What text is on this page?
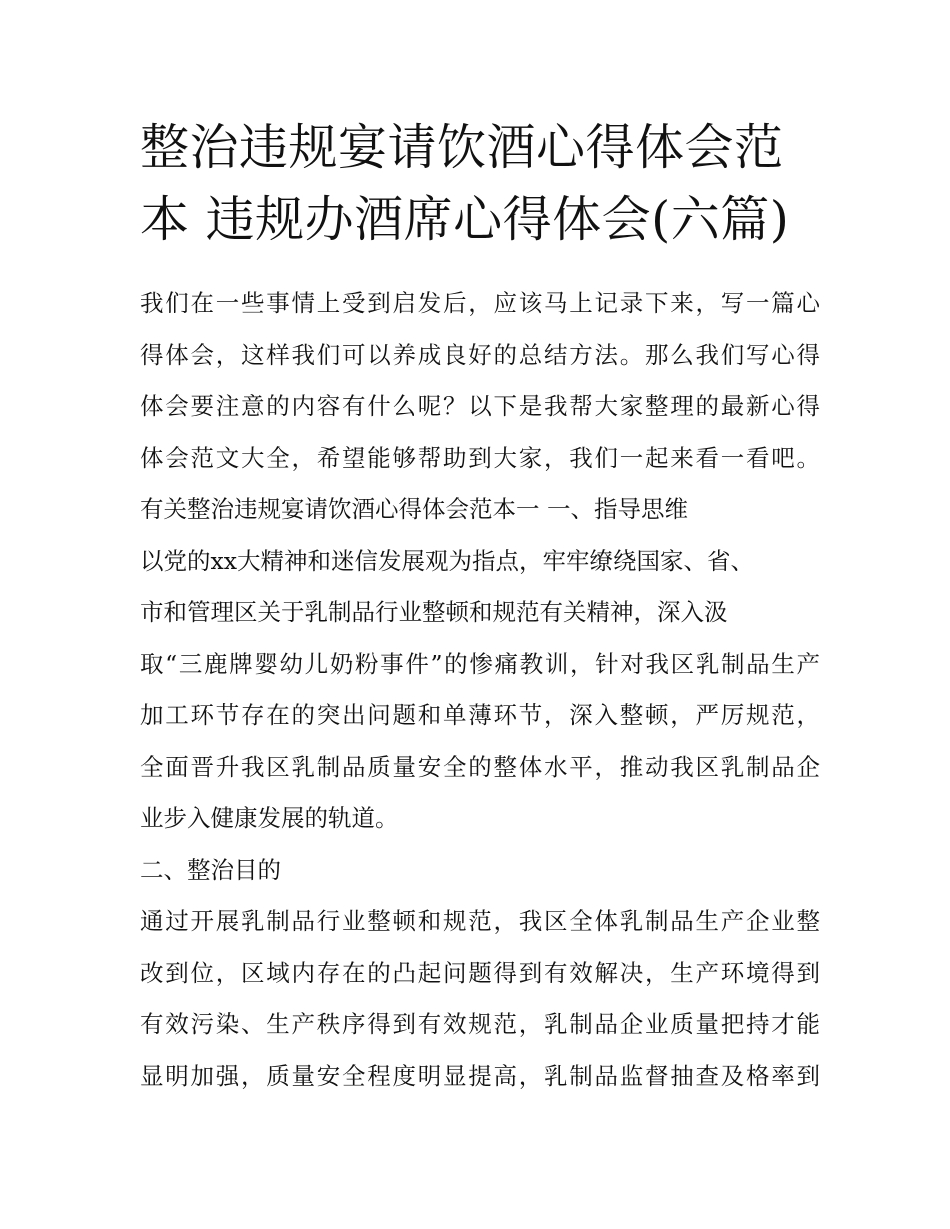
整治违规宴请饮酒心得体会范
本 违规办酒席心得体会(六篇)
我们在一些事情上受到启发后，应该马上记录下来，写一篇心
得体会，这样我们可以养成良好的总结方法。那么我们写心得
体会要注意的内容有什么呢？以下是我帮大家整理的最新心得
体会范文大全，希望能够帮助到大家，我们一起来看一看吧。
有关整治违规宴请饮酒心得体会范本一 一、指导思维
以党的xx大精神和迷信发展观为指点，牢牢缭绕国家、省、
市和管理区关于乳制品行业整顿和规范有关精神，深入汲
取“三鹿牌婴幼儿奶粉事件”的惨痛教训，针对我区乳制品生产
加工环节存在的突出问题和单薄环节，深入整顿，严厉规范，
全面晋升我区乳制品质量安全的整体水平，推动我区乳制品企
业步入健康发展的轨道。
二、整治目的
通过开展乳制品行业整顿和规范，我区全体乳制品生产企业整
改到位，区域内存在的凸起问题得到有效解决，生产环境得到
有效污染、生产秩序得到有效规范，乳制品企业质量把持才能
显明加强，质量安全程度明显提高，乳制品监督抽查及格率到
